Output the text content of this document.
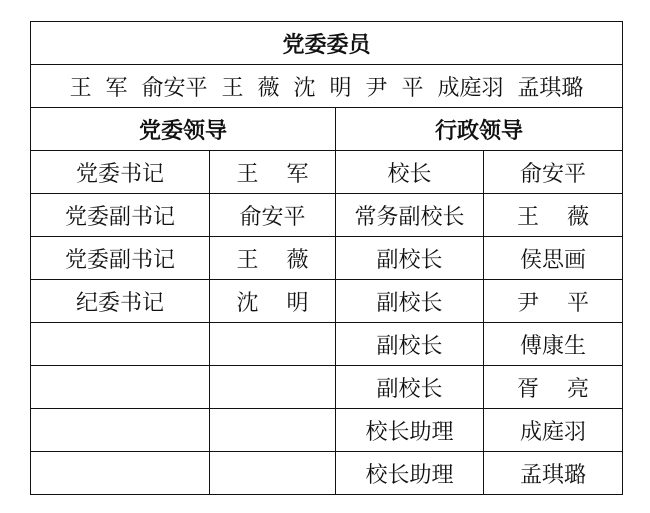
党委委员			
王  军  俞安平  王  薇  沈  明  尹  平  成庭羽  孟琪璐			
党委领导		行政领导	
党委书记	王    军	校长	俞安平
党委副书记	俞安平	常务副校长	王    薇
党委副书记	王    薇	副校长	侯思画
纪委书记	沈    明	副校长	尹    平
		副校长	傅康生
		副校长	胥    亮
		校长助理	成庭羽
		校长助理	孟琪璐
